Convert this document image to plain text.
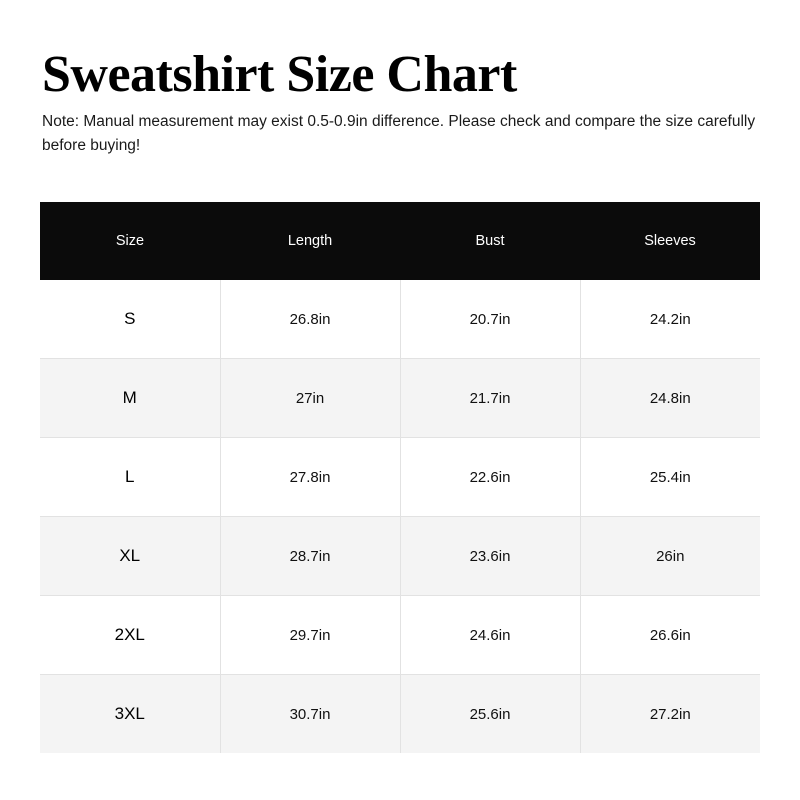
Sweatshirt Size Chart

Note: Manual measurement may exist 0.5-0.9in difference. Please check and compare the size carefully before buying!

Size	Length	Bust	Sleeves
S	26.8in	20.7in	24.2in
M	27in	21.7in	24.8in
L	27.8in	22.6in	25.4in
XL	28.7in	23.6in	26in
2XL	29.7in	24.6in	26.6in
3XL	30.7in	25.6in	27.2in
